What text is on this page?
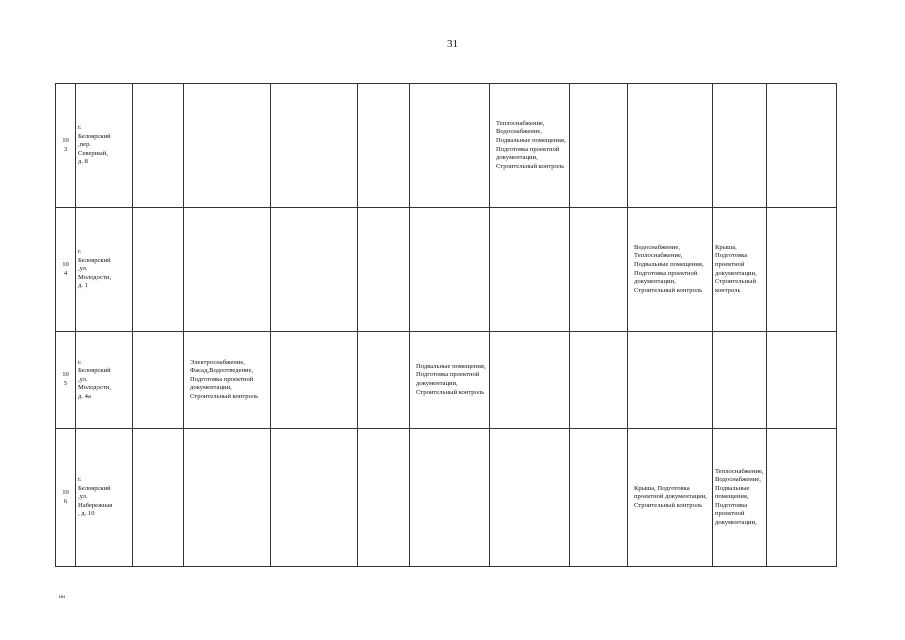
31
10
3	г.
Белоярский
,пер.
Северный,
д. 8						Теплоснабжение, Водоснабжение, Подвальные помещения, Подготовка проектной документации, Строительный контроль				

10
4	г.
Белоярский
,ул.
Молодости,
д. 1								Водоснабжение, Теплоснабжение, Подвальные помещения, Подготовка проектной документации, Строительный контроль	Крыша, Подготовка проектной документации, Строительный контроль	

10
5	г.
Белоярский
,ул.
Молодости,
д. 4а		Электроснабжение, Фасад,Водоотведение, Подготовка проектной документации, Строительный контроль			Подвальные помещения, Подготовка проектной документации, Строительный контроль					

10
6	г.
Белоярский
,ул.
Набережная
, д. 10								Крыша, Подготовка проектной документации, Строительный контроль	Теплоснабжение, Водоснабжение, Подвальные помещения, Подготовка проектной документации,	
ии
